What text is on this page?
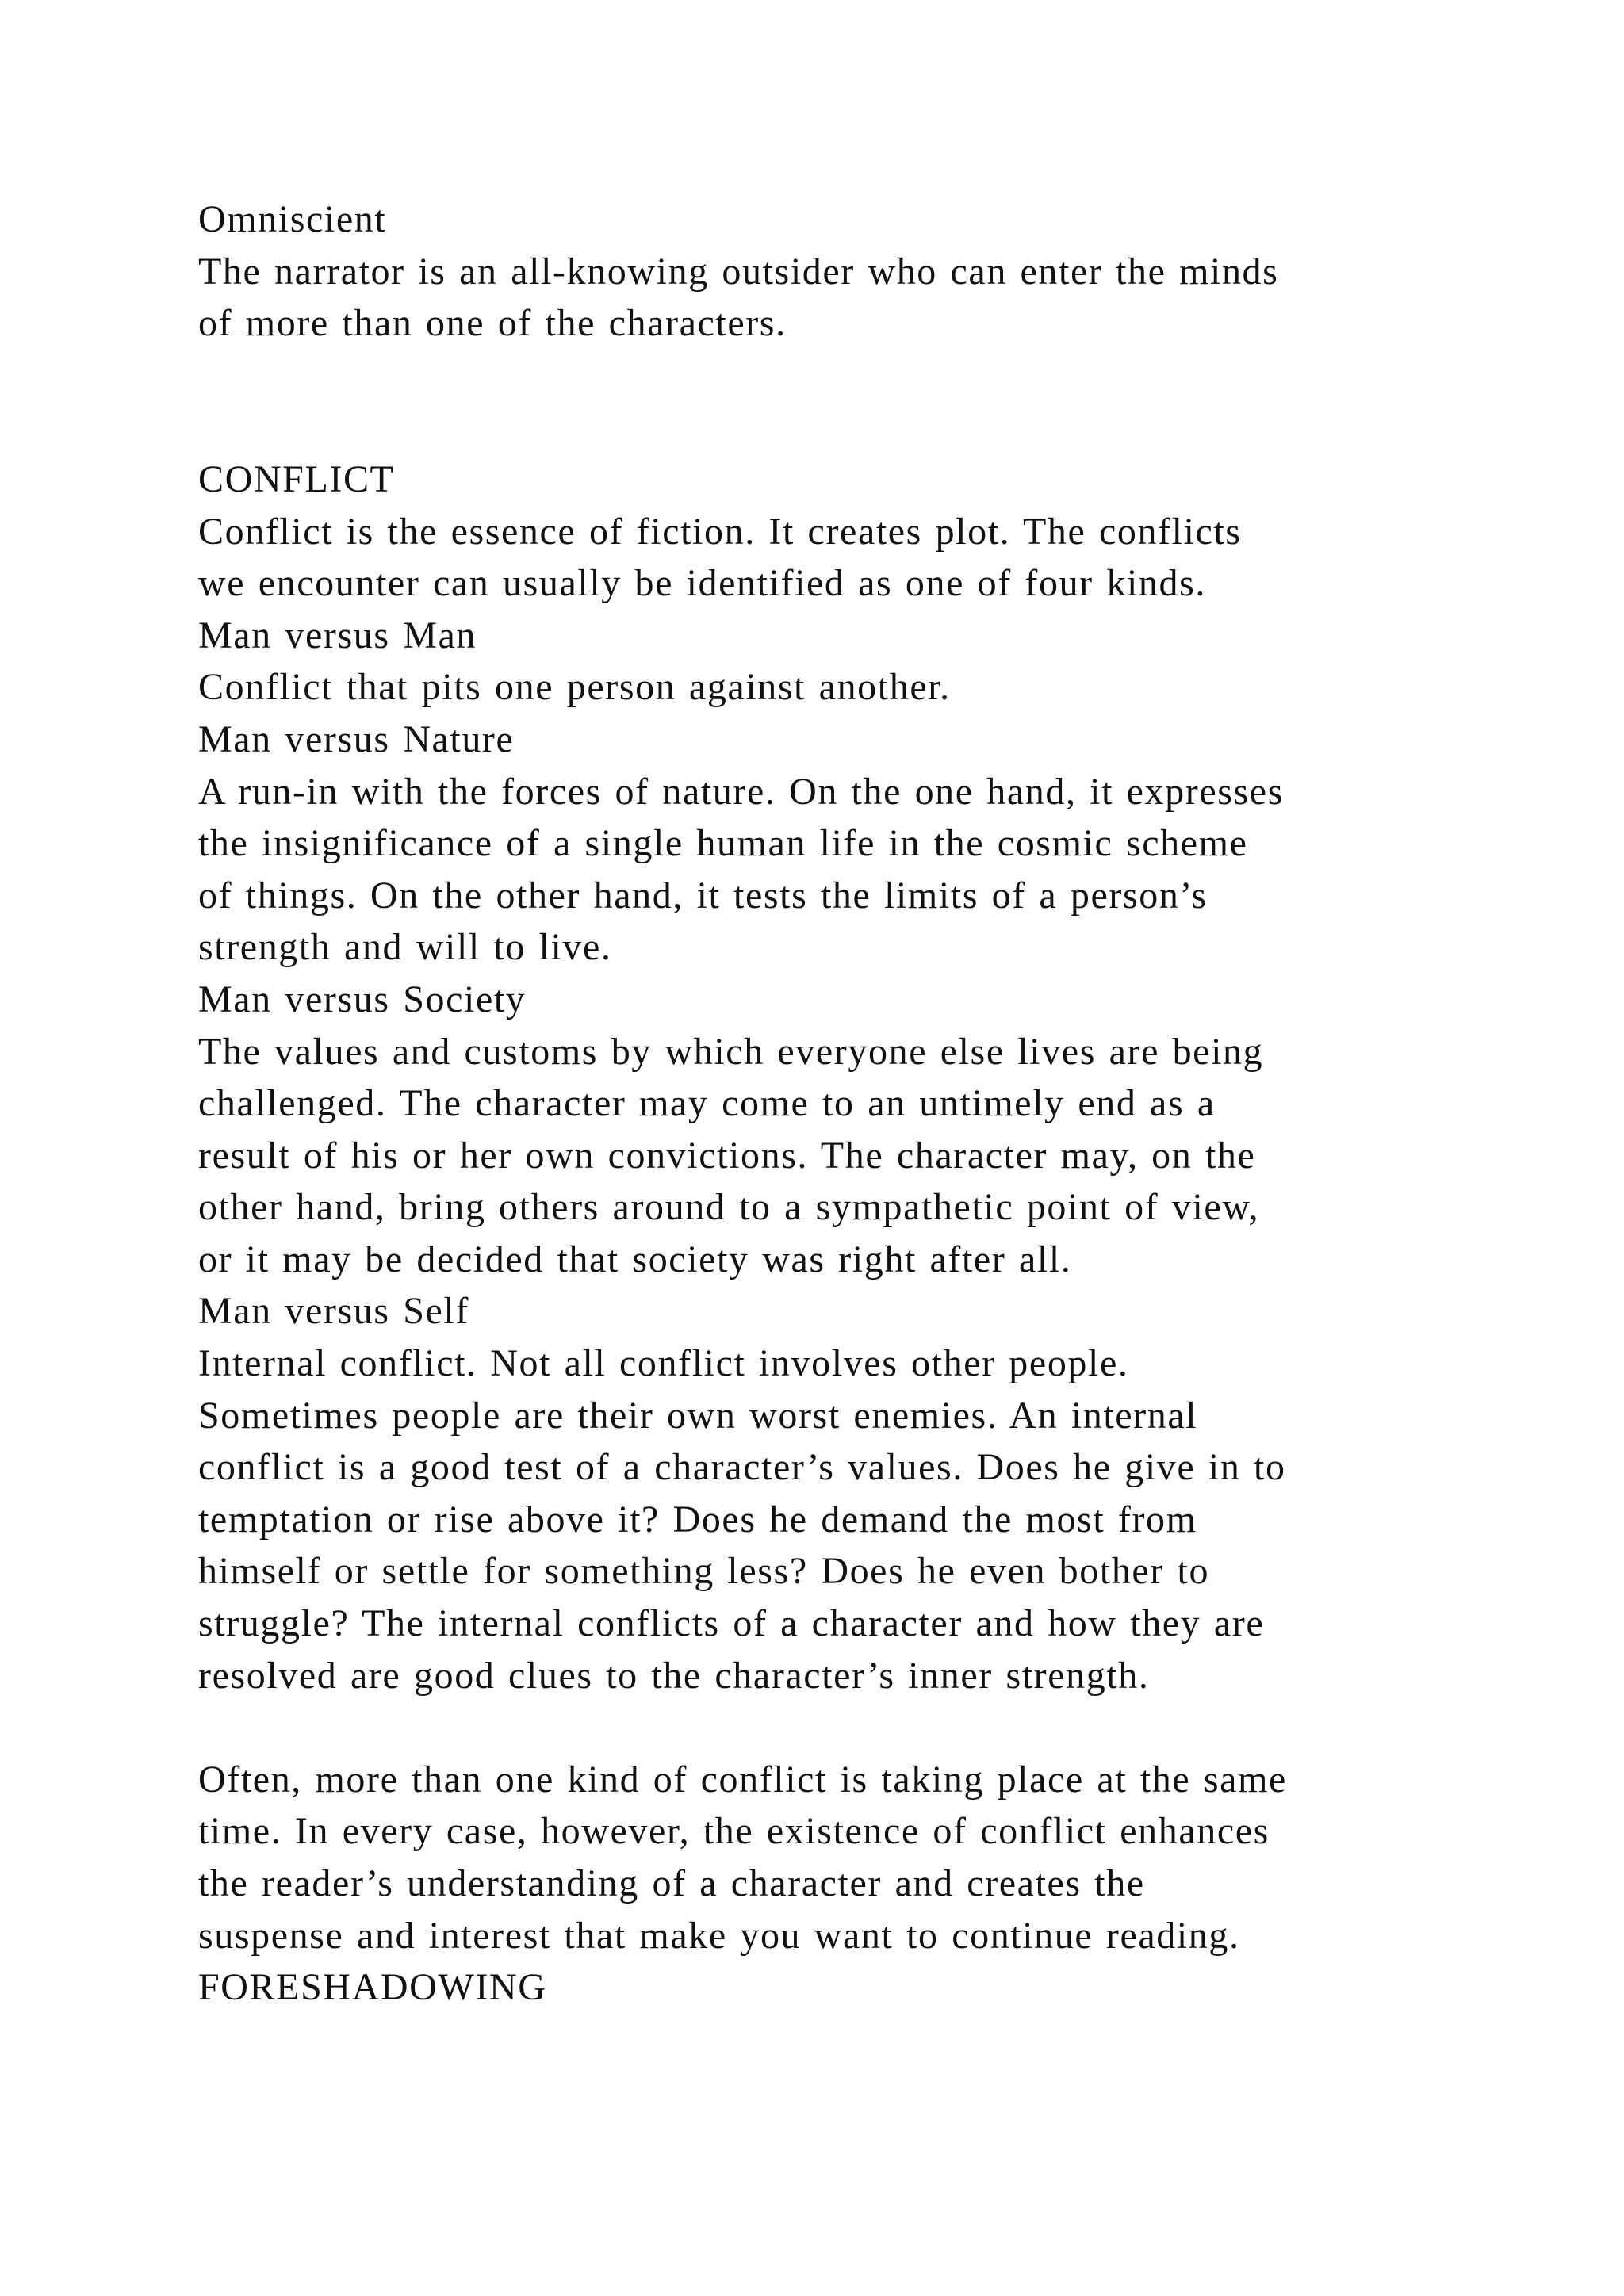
Omniscient
The narrator is an all-knowing outsider who can enter the minds
of more than one of the characters.
CONFLICT
Conflict is the essence of fiction. It creates plot. The conflicts
we encounter can usually be identified as one of four kinds.
Man versus Man
Conflict that pits one person against another.
Man versus Nature
A run-in with the forces of nature. On the one hand, it expresses
the insignificance of a single human life in the cosmic scheme
of things. On the other hand, it tests the limits of a person’s
strength and will to live.
Man versus Society
The values and customs by which everyone else lives are being
challenged. The character may come to an untimely end as a
result of his or her own convictions. The character may, on the
other hand, bring others around to a sympathetic point of view,
or it may be decided that society was right after all.
Man versus Self
Internal conflict. Not all conflict involves other people.
Sometimes people are their own worst enemies. An internal
conflict is a good test of a character’s values. Does he give in to
temptation or rise above it? Does he demand the most from
himself or settle for something less? Does he even bother to
struggle? The internal conflicts of a character and how they are
resolved are good clues to the character’s inner strength.
Often, more than one kind of conflict is taking place at the same
time. In every case, however, the existence of conflict enhances
the reader’s understanding of a character and creates the
suspense and interest that make you want to continue reading.
FORESHADOWING
